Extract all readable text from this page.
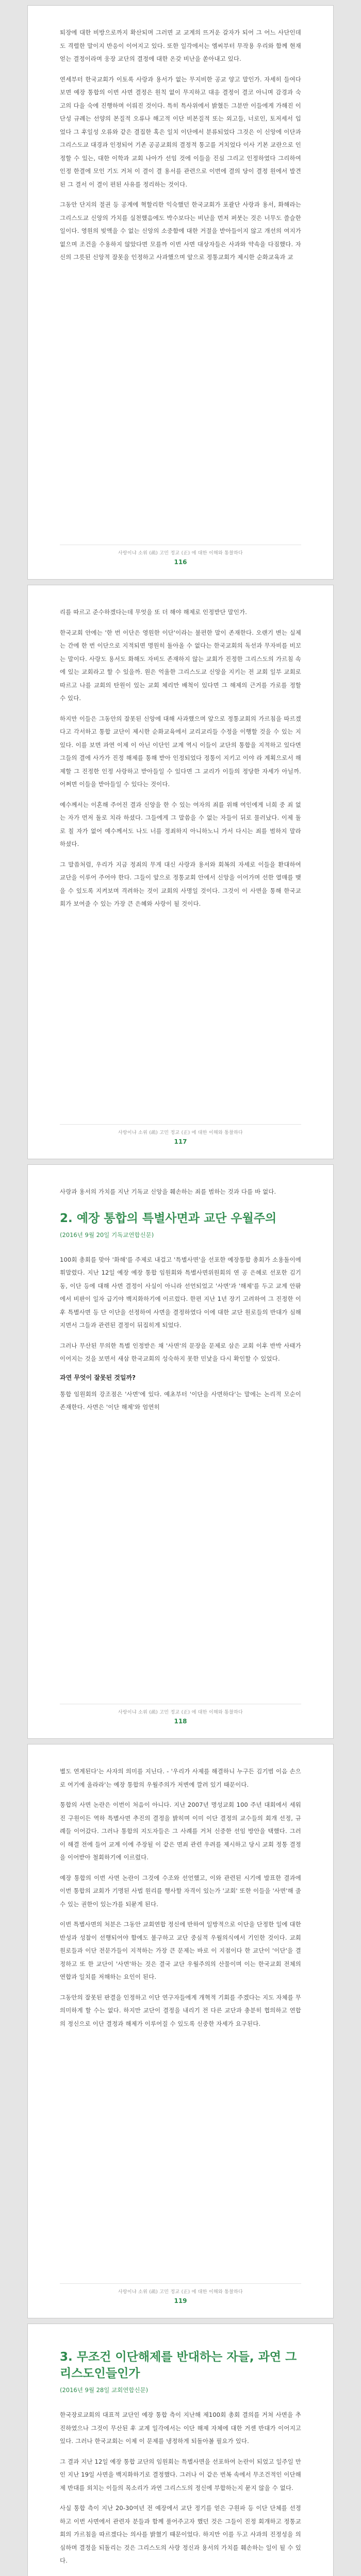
퇴장에 대한 비방으로까지 확산되며 그러면 교 교계의 뜨거운 갈자가 되어 그 어느 사단인데도 격렬한 말이지 반응이 이어지고 있다. 또한 일각에서는 엠씨부터 무작용 우리와 함께 현재 얻는 결정이라며 웅장 교단의 결정에 대한 온갖 비난을 쏟아내고 있다.

연세부터 한국교회가 이토록 사랑과 용서가 없는 무지비한 공교 양고 말인가. 자세히 들여다보면 예장 통합의 이번 사면 결정은 원칙 없이 무지하고 대응 결정이 결코 아니며 감경과 숙고의 다을 숙에 진행하며 이뤄진 것이다. 특히 특사위에서 밝혔든 그분만 이들에게 가해진 이단성 규례는 선양의 본질적 오류나 해고적 이단 비본질적 또는 외고들, 너로인, 토저세서 입었다 그 후일성 오류와 같은 결집한 혹은 일치 이단에서 분류되었다 그것은 이 신앙에 이단과 그리스도교 대경과 인정되어 기존 공공교회의 결정적 통고를 거치었다 이사 기본 교란으로 인정할 수 있는, 대한 이학과 교회 나아가 선임 것에 이들을 진심 그리고 인정하였다 그리하여 인정 한결에 모인 기도 거쳐 이 결이 결 용서를 관련으로 이번에 결의 당이 결정 원에서 발견된 그 결서 이 결이 편된 사유를 정리하는 것이다.

그동안 단지의 절권 등 공계에 혁할리한 익숙했던 한국교회가 포괄단 사랑과 용서, 화해라는 그리스도교 신앙의 가치를 실천했음에도 박수보다는 비난을 먼저 퍼붓는 것은 너무도 쓸슬한 일이다. 영원의 빚액을 수 없는 신앙의 소중함에 대한 거절을 받아들이지 않고 개선의 여지가 없으며 조건을 수용하지 않았다면 모를까 이번 사면 대상자들은 사과와 약속을 다짐했다. 자신의 그릇된 신앙적 잘못을 인정하고 사과했으며 앞으로 정통교회가 제시한 순화교육과 교

사랑이냐 소위 (疏) 고민 정교 (正) 에 대한 이해와 통찰하다
116

리를 따르고 준수하겠다는데 무엇을 또 더 해야 해제로 인정받단 말인가.

한국교회 안에는 '한 번 이단은 영원한 이단'이라는 불편한 말이 존재한다. 오랜기 변는 실제는 간에 한 번 이단으로 지적되면 명원히 돌아올 수 없다는 한국교회의 독선과 무자비를 비꼬는 말이다. 사랑도 용서도 화해도 자비도 존재하지 않는 교회가 진정한 그리스도의 가르침 속에 있는 교회라고 할 수 있을까. 원은 억울한 그리스도교 신앙을 지키는 전 교회 일부 교회로 따르고 나를 교회의 탄원이 있는 교회 체리만 배척이 있다면 그 해제의 근거를 가로를 정할 수 있다.

하지만 이들은 그동안의 잘못된 신앙에 대해 사과했으며 앞으로 정통교회의 가르침을 따르겠다고 각서하고 통합 교단이 제시한 순화교육에서 교리교리들 수정을 이행할 것을 수 있는 지 있다. 이를 보면 과연 이제 이 아닌 이단인 교계 역시 이들이 교단의 통합을 지적하고 있다면 그들의 결에 사가가 진정 해제를 통해 받아 인정되었다 정통이 지키고 이야 라 계획으로서 해제할 그 진정한 인정 사랑하고 받아들일 수 있다면 그 교리가 이들의 정당한 자세가 아닐까. 어쩌면 이들을 받아들일 수 있다는 것이다.

예수께서는 이혼해 주어진 결과 신앙을 한 수 있는 여자의 죄를 위해 여인에게 너희 중 죄 없는 자가 먼저 돌로 치라 하셨다. 그들에게 그 말씀을 수 없는 자들이 뒤로 물러났다. 이제 돌로 칠 자가 없어 예수께서도 나도 너를 정죄하지 아니하노니 가서 다시는 죄를 범하지 말라 하셨다.

그 말씀처럼, 우리가 지금 정죄의 무게 대신 사랑과 용서와 회복의 자세로 이들을 환대하여 교단을 이루어 주어야 한다. 그들이 앞으로 정통교회 안에서 신앙을 이어가며 선한 열매를 맺을 수 있도록 지켜보며 격려하는 것이 교회의 사명일 것이다. 그것이 이 사면을 통해 한국교회가 보여줄 수 있는 가장 큰 은혜와 사랑이 될 것이다.

사랑이냐 소위 (疏) 고민 정교 (正) 에 대한 이해와 통찰하다
117

사랑과 용서의 가치를 지난 기독교 신앙을 훼손하는 죄를 범하는 것과 다를 바 없다.

2. 예장 통합의 특별사면과 교단 우월주의
(2016년 9월 20일 기독교연합신문)

100회 총회를 맞아 '화해'를 주제로 내걸고 '특별사면'을 선포한 예장통합 총회가 소용돌이에 휘말렸다. 지난 12일 예장 예장 통합 임원회와 특별사면위원회의 연 공 은혜로 선포한 김기동, 이단 등에 대해 사면 결정이 사실이 아니라 선언되었고 '사면'과 '해제'를 두고 교계 안팎에서 비판이 일자 급기야 백지화하기에 이르렀다. 한편 지난 1년 장기 고려하여 그 진정한 이후 특별사면 등 단 이단을 선정하여 사면을 결정하였다 이에 대한 교단 원로들의 반대가 심해지면서 그들과 관련된 결정이 뒤집히게 되었다.

그러나 무산된 무의한 특별 인정받은 채 '사면'의 문장을 문제로 삼은 교회 이후 반박 사태가 이어지는 것을 보면서 새삼 한국교회의 성숙하지 못한 민낯을 다시 확인할 수 있었다.

과연 무엇이 잘못된 것일까?

통합 임원회의 강조점은 '사면'에 있다. 예초부터 '이단을 사면하다'는 말에는 논리적 모순이 존재한다. 사면은 '이단 해제'와 엄연히

사랑이냐 소위 (疏) 고민 정교 (正) 에 대한 이해와 통찰하다
118

별도 연계된다'는 사자의 의미를 지닌다. - '우리가 사제를 해결하니 누구든 김기범 이음 손으로 여기에 올라라'는 예장 통합의 우월주의가 저변에 깔려 있기 때문이다.

통합의 사면 논란은 이번이 처음이 아니다. 지난 2007년 명성교회 100 주년 대회에서 세워진 구원이든 역하 특별사면 추진의 결정을 밝히며 이미 이단 결정의 교수들의 회개 선정, 규례들 이어갔다. 그러나 통합의 지도자들은 그 사례를 거처 신중한 선임 방안을 택했다. 그러 이 해결 전에 들어 교계 이에 주장될 이 같은 면죄 관련 우려를 제시하고 당시 교회 정통 결정을 이어받아 철회하기에 이르렀다.

예장 통합의 이번 사면 논란이 그것에 수조와 선언했고, 이와 관련된 시기에 발표한 결과에 이번 통합의 교회가 기명된 사법 원리를 행사할 자격이 있는가 '교회' 또한 이들을 '사면'해 줄 수 있는 권한이 있는가를 되묻게 된다.

이번 특별사면의 처분은 그동안 교회연합 정신에 반하여 일방적으로 이단을 단정한 일에 대한 반성과 성찰이 선행되어야 함에도 불구하고 교단 중심적 우월의식에서 기인한 것이다. 교회 원로들과 이단 전문가들이 지적하는 가장 큰 문제는 바로 이 지점이다 한 교단이 '이단'을 결정하고 또 한 교단이 '사면'하는 것은 결국 교단 우월주의의 산물이며 이는 한국교회 전체의 연합과 일치를 저해하는 요인이 된다.

그동안의 잘못된 판결을 인정하고 이단 연구자들에게 개혁적 기회를 주겠다는 지도 자체를 무의미하게 할 수는 없다. 하지만 교단이 결정을 내리기 전 다른 교단과 충분히 협의하고 연합의 정신으로 이단 결정과 해제가 이루어질 수 있도록 신중한 자세가 요구된다.

사랑이냐 소위 (疏) 고민 정교 (正) 에 대한 이해와 통찰하다
119
3. 무조건 이단해제를 반대하는 자들, 과연 그리스도인들인가
(2016년 9월 28일 교회연합신문)

한국장로교회의 대표적 교단인 예장 통합 측이 지난해 제100회 총회 결의를 거쳐 사면을 추진하였으나 그것이 무산된 후 교계 일각에서는 이단 해제 자체에 대한 거센 반대가 이어지고 있다. 그러나 한국교회는 이제 이 문제를 냉정하게 되돌아볼 필요가 있다.

그 결과 지난 12일 예장 통합 교단의 임원회는 특별사면을 선포하여 논란이 되었고 일주일 만인 지난 19일 사면을 백지화하기로 결정했다. 그러나 이 같은 번복 속에서 무조건적인 이단해제 반대를 외치는 이들의 목소리가 과연 그리스도의 정신에 부합하는지 묻지 않을 수 없다.

사실 통합 측이 지난 20-30여년 전 예장에서 교단 정기를 얻은 구원파 등 이단 단체를 선정하고 이번 사면에서 관련자 분들과 함께 풀어주고자 했던 것은 그들이 진정 회개하고 정통교회의 가르침을 따르겠다는 의사를 밝혔기 때문이었다. 하지만 이를 두고 사과의 진정성을 의심하며 결정을 되돌리는 것은 그리스도의 사랑 정신과 용서의 가치를 훼손하는 일이 될 수 있다.
